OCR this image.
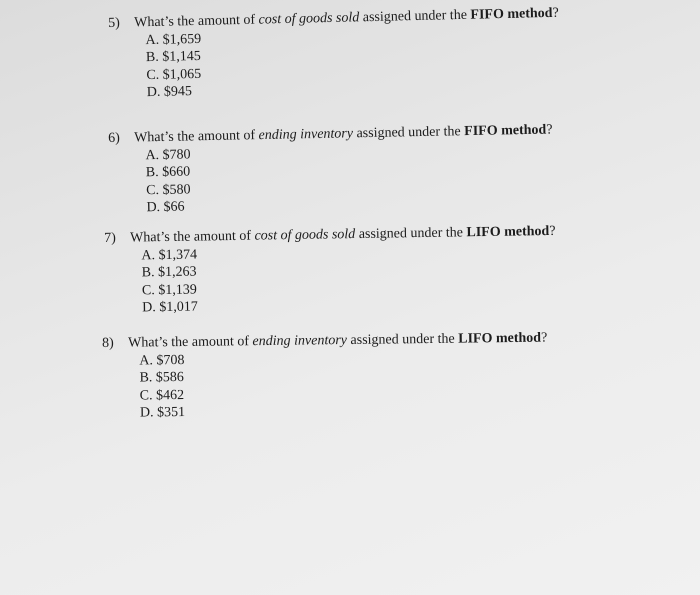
5) What’s the amount of cost of goods sold assigned under the FIFO method?
A. $1,659
B. $1,145
C. $1,065
D. $945
6) What’s the amount of ending inventory assigned under the FIFO method?
A. $780
B. $660
C. $580
D. $66
7) What’s the amount of cost of goods sold assigned under the LIFO method?
A. $1,374
B. $1,263
C. $1,139
D. $1,017
8) What’s the amount of ending inventory assigned under the LIFO method?
A. $708
B. $586
C. $462
D. $351
